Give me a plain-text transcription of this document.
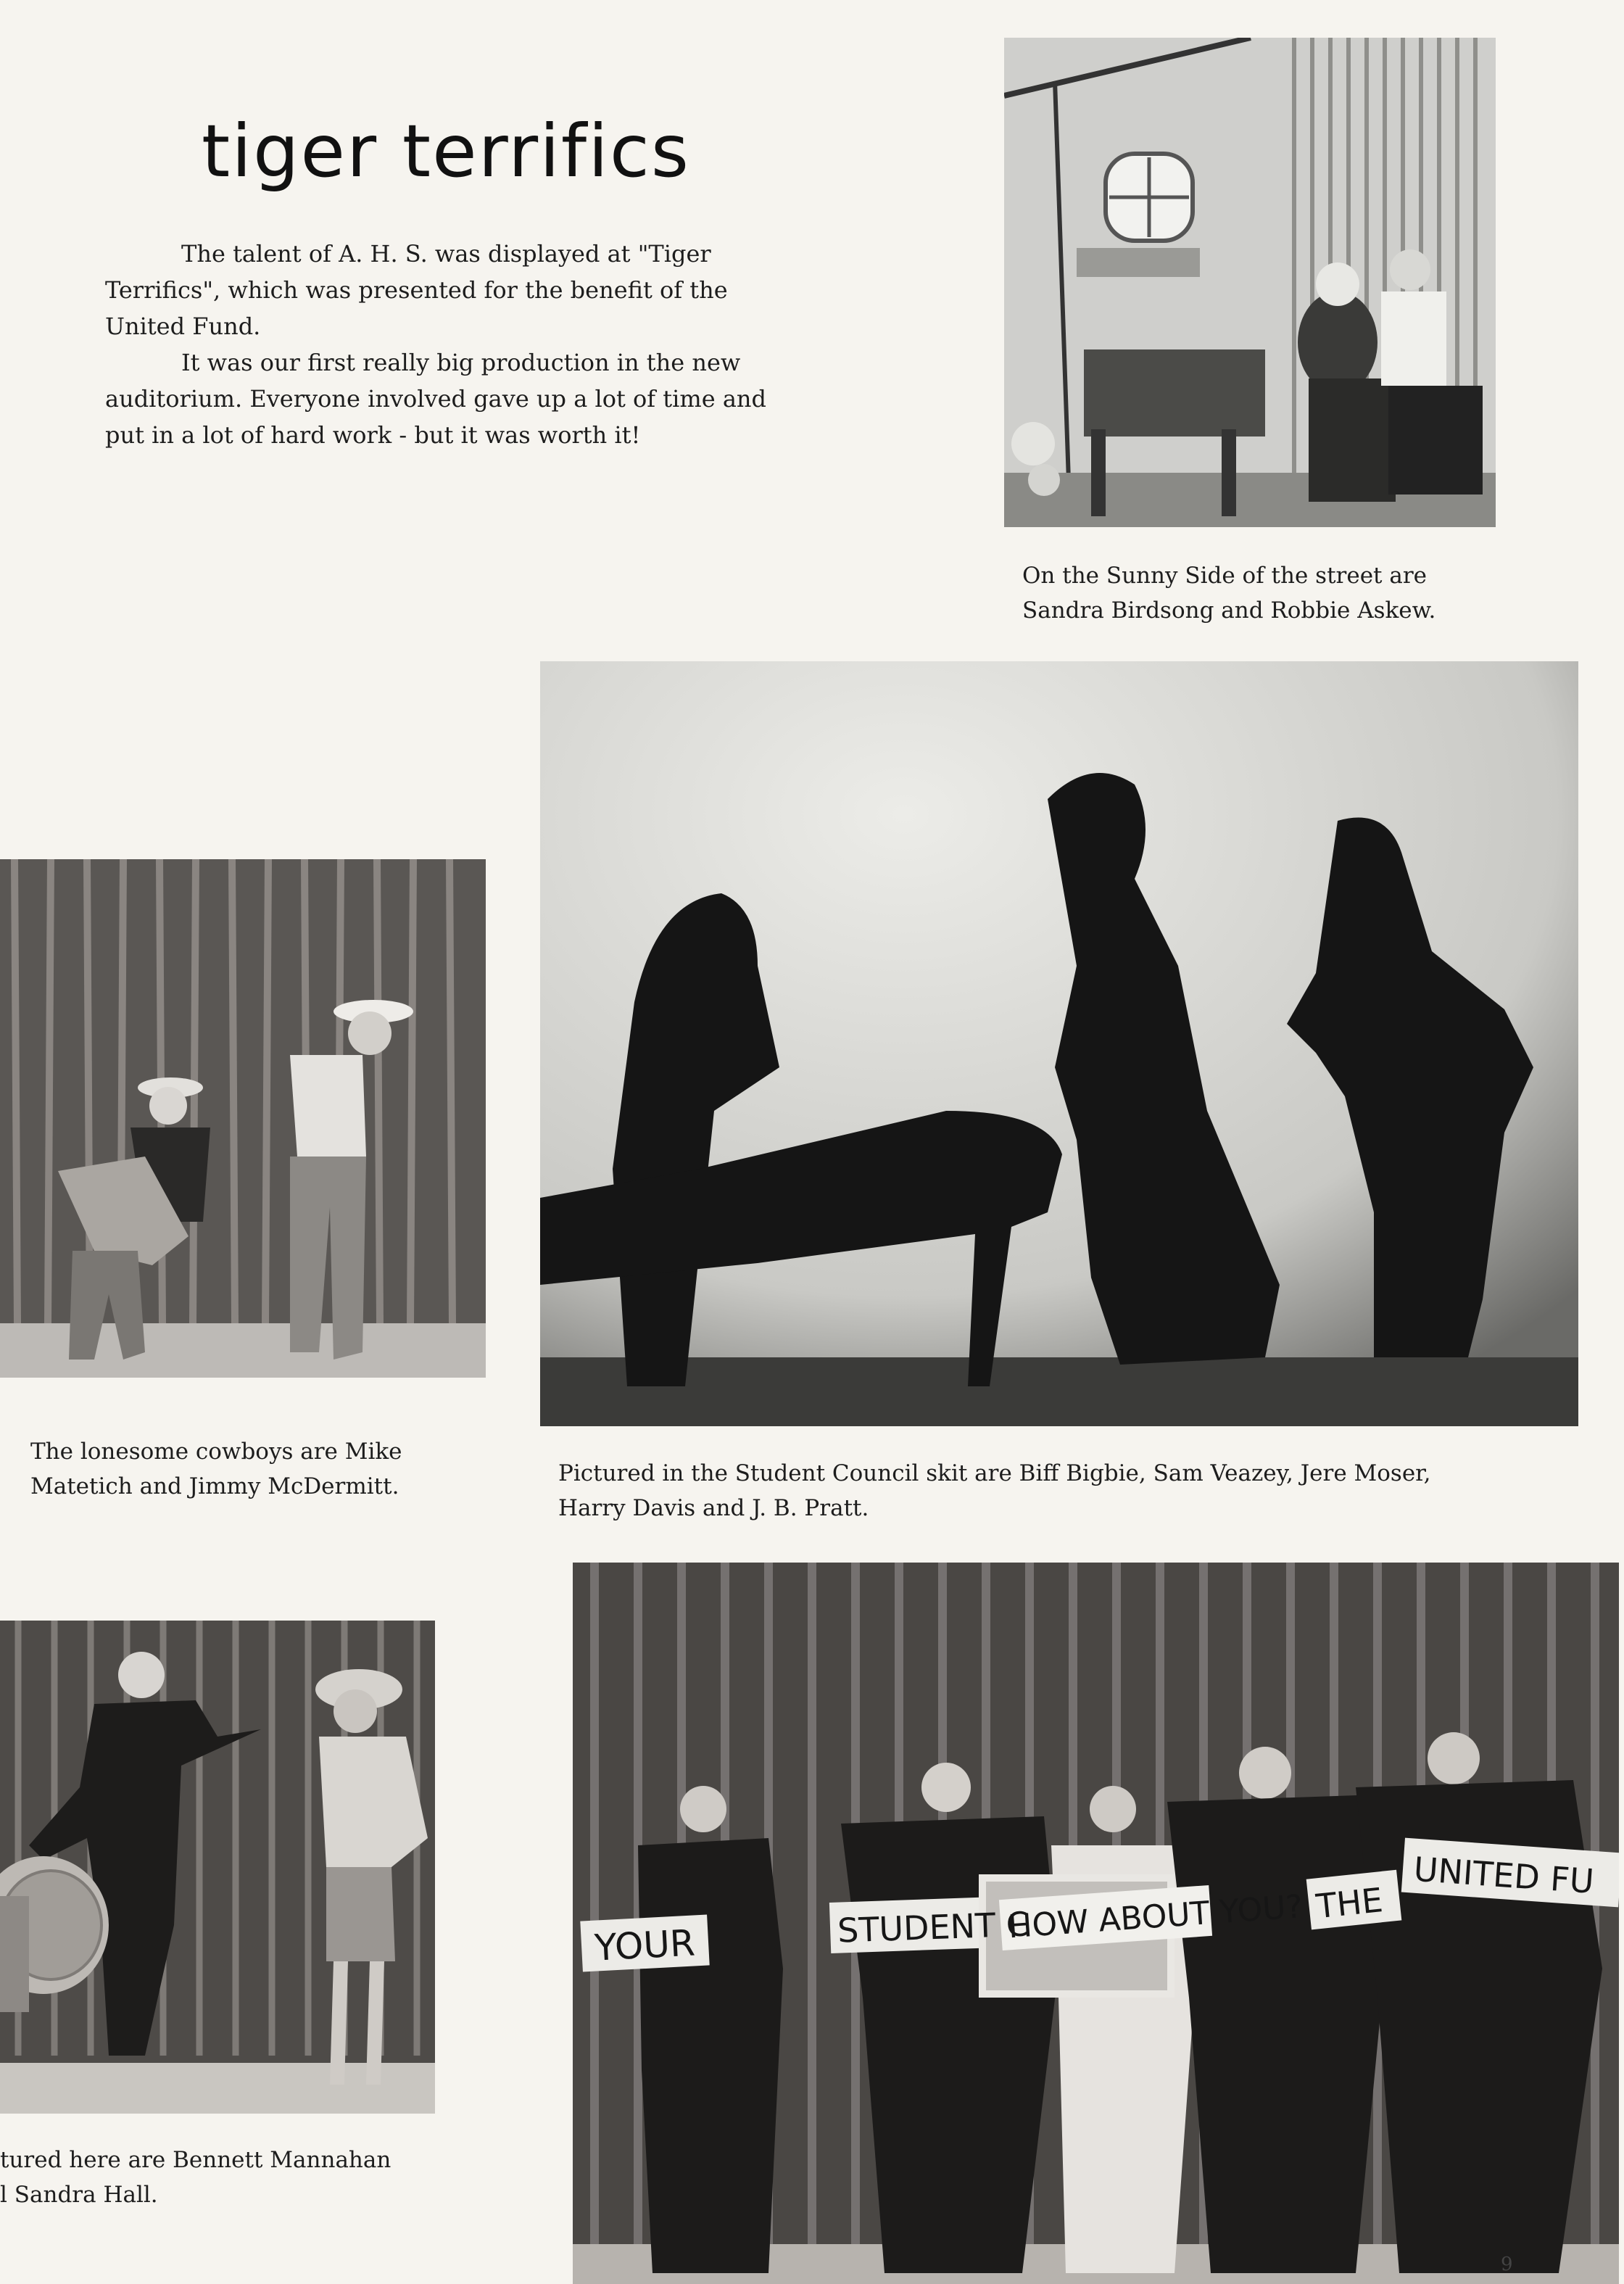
tiger terrifics

The talent of A. H. S. was displayed at "Tiger Terrifics", which was presented for the benefit of the United Fund.

It was our first really big production in the new auditorium. Everyone involved gave up a lot of time and put in a lot of hard work - but it was worth it!

On the Sunny Side of the street are
Sandra Birdsong and Robbie Askew.

Pictured in the Student Council skit are Biff Bigbie, Sam Veazey, Jere Moser,
Harry Davis and J. B. Pratt.

The lonesome cowboys are Mike
Matetich and Jimmy McDermitt.

tured here are Bennett Mannahan
l Sandra Hall.

YOUR	STUDENT C
HOW ABOUT YOU? THE
UNITED FU
9
